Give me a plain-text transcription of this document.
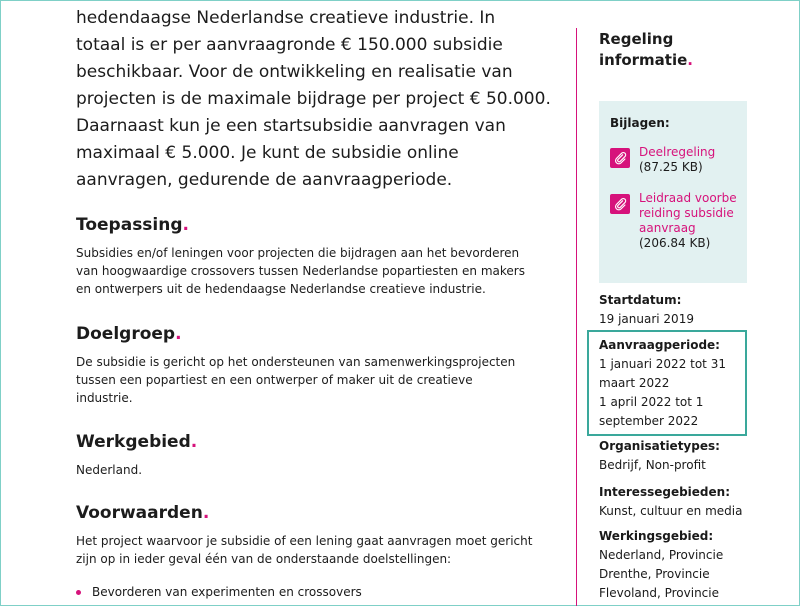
hedendaagse Nederlandse creatieve industrie. In

totaal is er per aanvraagronde € 150.000 subsidie

beschikbaar. Voor de ontwikkeling en realisatie van

projecten is de maximale bijdrage per project € 50.000.

Daarnaast kun je een startsubsidie aanvragen van

maximaal € 5.000. Je kunt de subsidie online

aanvragen, gedurende de aanvraagperiode.

Toepassing.

Subsidies en/of leningen voor projecten die bijdragen aan het bevorderen

van hoogwaardige crossovers tussen Nederlandse popartiesten en makers

en ontwerpers uit de hedendaagse Nederlandse creatieve industrie.

Doelgroep.

De subsidie is gericht op het ondersteunen van samenwerkingsprojecten

tussen een popartiest en een ontwerper of maker uit de creatieve

industrie.

Werkgebied.

Nederland.

Voorwaarden.

Het project waarvoor je subsidie of een lening gaat aanvragen moet gericht

zijn op in ieder geval één van de onderstaande doelstellingen:

Bevorderen van experimenten en crossovers
Regeling
informatie.
Bijlagen:
Deelregeling
(87.25 KB)
Leidraad voorbereiding subsidieaanvraag
(206.84 KB)
Startdatum:
19 januari 2019
Aanvraagperiode:
1 januari 2022 tot 31
maart 2022
1 april 2022 tot 1
september 2022
Organisatietypes:
Bedrijf, Non-profit
Interessegebieden:
Kunst, cultuur en media
Werkingsgebied:
Nederland, Provincie
Drenthe, Provincie
Flevoland, Provincie
